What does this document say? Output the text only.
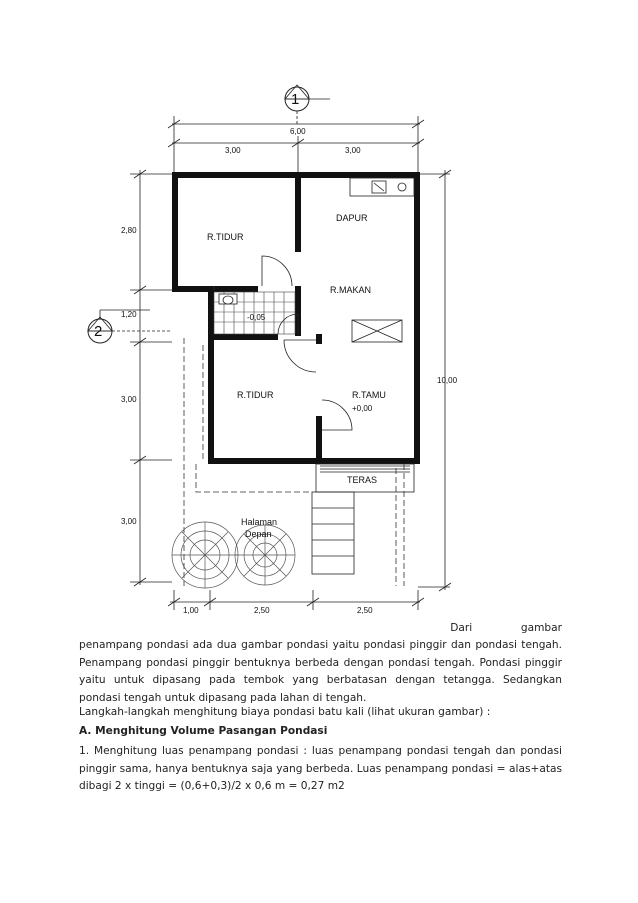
6,00
3,00	3,00
1
2,80
1,20
3,00
3,00
2
10,00
1,00	2,50	2,50
-0,05
R.TIDUR
DAPUR
R.MAKAN
R.TIDUR	R.TAMU
+0,00
TERAS
Halaman
Depan
Dari	gambar

penampang pondasi ada dua gambar pondasi yaitu pondasi pinggir dan pondasi tengah. Penampang pondasi pinggir bentuknya berbeda dengan pondasi tengah. Pondasi pinggir yaitu untuk dipasang pada tembok yang berbatasan dengan tetangga. Sedangkan pondasi tengah untuk dipasang pada lahan di tengah.

Langkah-langkah menghitung biaya pondasi batu kali (lihat ukuran gambar) :

A. Menghitung Volume Pasangan Pondasi

1. Menghitung luas penampang pondasi : luas penampang pondasi tengah dan pondasi pinggir sama, hanya bentuknya saja yang berbeda. Luas penampang pondasi = alas+atas dibagi 2 x tinggi = (0,6+0,3)/2 x 0,6 m = 0,27 m2
